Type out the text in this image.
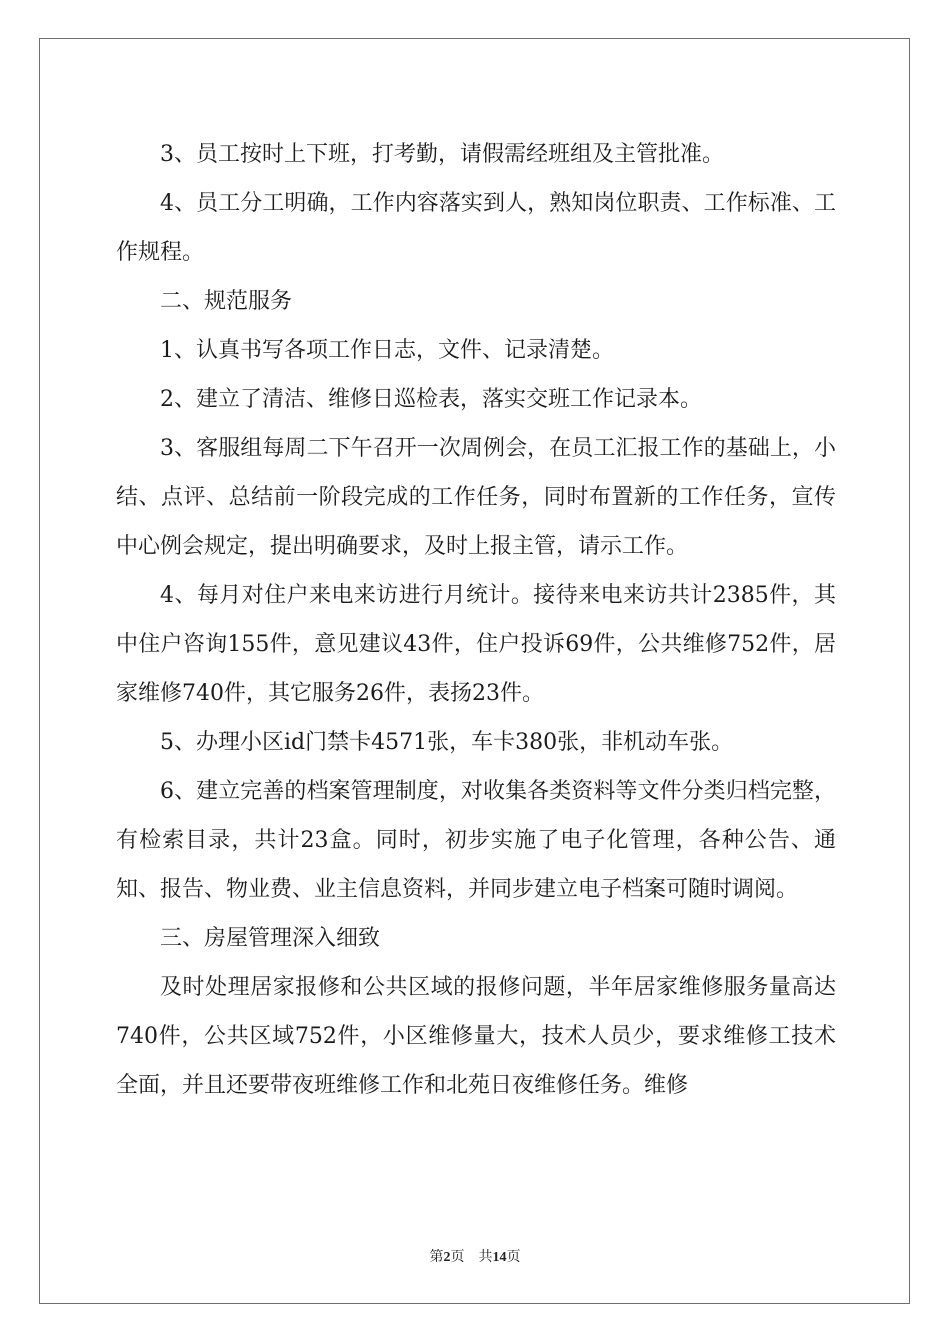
3、员工按时上下班，打考勤，请假需经班组及主管批准。

4、员工分工明确，工作内容落实到人，熟知岗位职责、工作标准、工作规程。

二、规范服务

1、认真书写各项工作日志，文件、记录清楚。

2、建立了清洁、维修日巡检表，落实交班工作记录本。

3、客服组每周二下午召开一次周例会，在员工汇报工作的基础上，小结、点评、总结前一阶段完成的工作任务，同时布置新的工作任务，宣传中心例会规定，提出明确要求，及时上报主管，请示工作。

4、每月对住户来电来访进行月统计。接待来电来访共计2385件，其中住户咨询155件，意见建议43件，住户投诉69件，公共维修752件，居家维修740件，其它服务26件，表扬23件。

5、办理小区id门禁卡4571张，车卡380张，非机动车张。

6、建立完善的档案管理制度，对收集各类资料等文件分类归档完整，有检索目录，共计23盒。同时，初步实施了电子化管理，各种公告、通知、报告、物业费、业主信息资料，并同步建立电子档案可随时调阅。

三、房屋管理深入细致

及时处理居家报修和公共区域的报修问题，半年居家维修服务量高达740件，公共区域752件，小区维修量大，技术人员少，要求维修工技术全面，并且还要带夜班维修工作和北苑日夜维修任务。维修

第2页　共14页
